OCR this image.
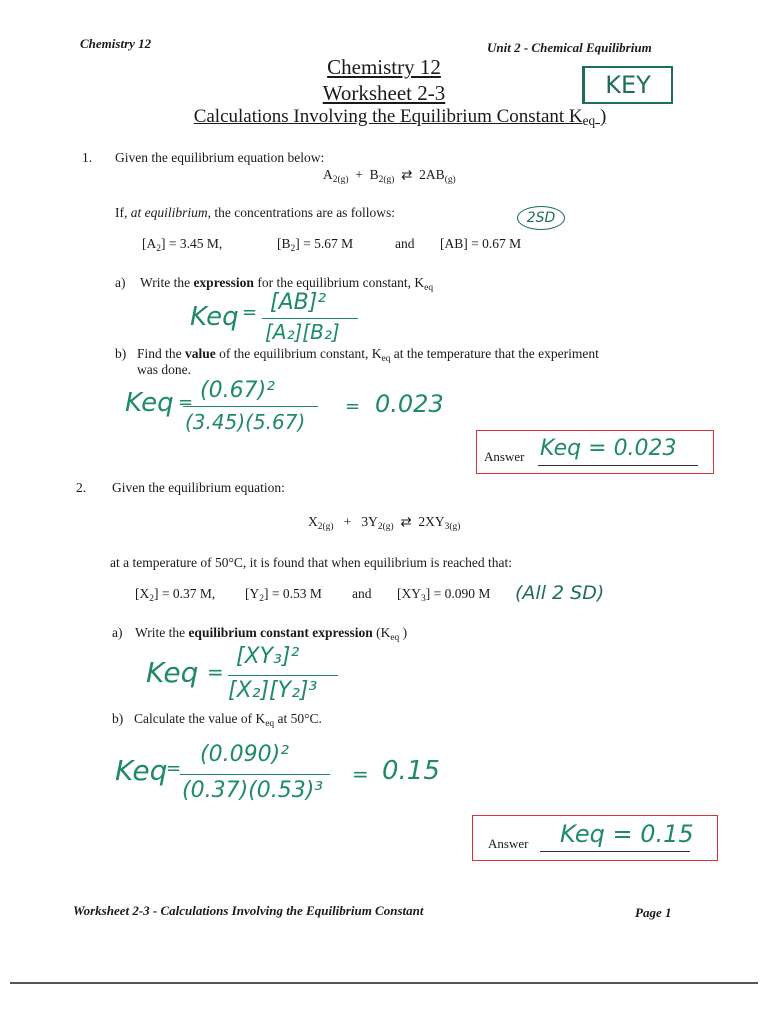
Chemistry 12	Unit 2 - Chemical Equilibrium
Chemistry 12
Worksheet 2-3
Calculations Involving the Equilibrium Constant $K_{eq}$ )
KEY
1. Given the equilibrium equation below:
$A_{2(g)} + B_{2(g)}$ ⇄ $2AB_{(g)}$
If, at equilibrium, the concentrations are as follows:	2SD
$[A_2] = 3.45$ M,	$[B_2] = 5.67$ M	and [AB] = 0.67 M
a) Write the expression for the equilibrium constant, $K_{eq}$
Keq = [AB]²
[A₂][B₂]
b) Find the value of the equilibrium constant, $K_{eq}$ at the temperature that the experiment
was done.
Keq = (0.67)²
(3.45)(5.67)
= 0.023
Answer Keq = 0.023
2. Given the equilibrium equation:
$X_{2(g)} + 3Y_{2(g)}$ ⇄ $2XY_{3(g)}$
at a temperature of 50°C, it is found that when equilibrium is reached that:
$[X_2] = 0.37$ M, $[Y_2] = 0.53$ M and $[XY_3] = 0.090$ M (All 2 SD)
a) Write the equilibrium constant expression ($K_{eq}$ )
Keq =
[XY₃]²
[X₂][Y₂]³
b) Calculate the value of $K_{eq}$ at 50°C.
Keq
=
(0.090)²
(0.37)(0.53)³
= 0.15
Answer Keq = 0.15
Worksheet 2-3 - Calculations Involving the Equilibrium Constant	Page 1
